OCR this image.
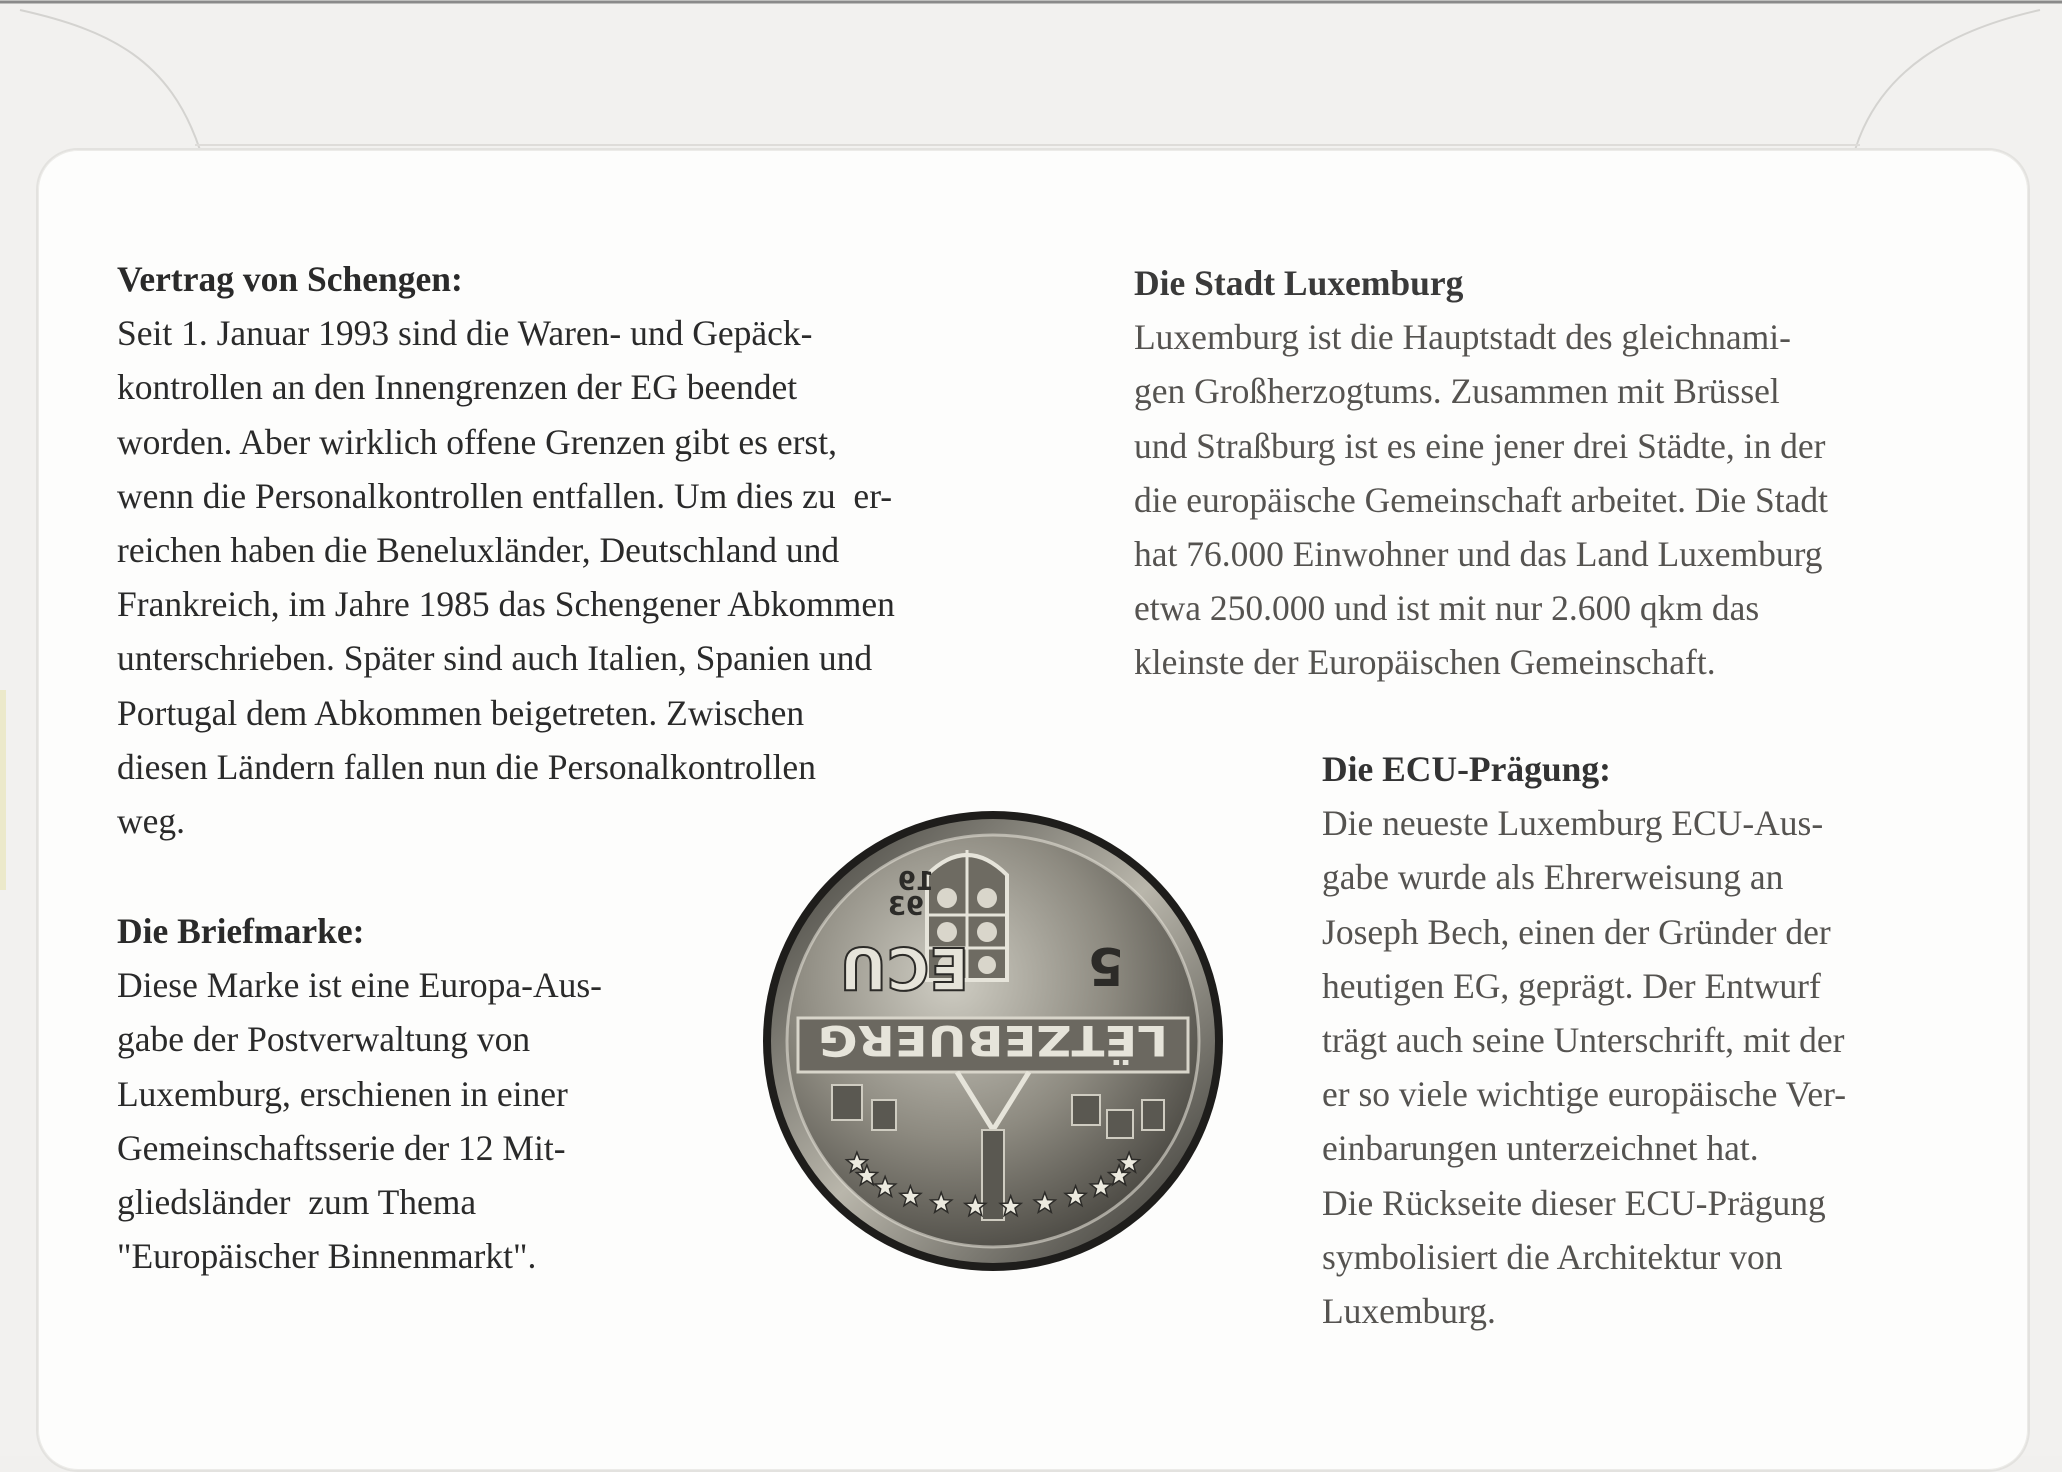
Vertrag von Schengen:
Seit 1. Januar 1993 sind die Waren- und Gepäck-
kontrollen an den Innengrenzen der EG beendet
worden. Aber wirklich offene Grenzen gibt es erst,
wenn die Personalkontrollen entfallen. Um dies zu  er-
reichen haben die Beneluxländer, Deutschland und
Frankreich, im Jahre 1985 das Schengener Abkommen
unterschrieben. Später sind auch Italien, Spanien und
Portugal dem Abkommen beigetreten. Zwischen
diesen Ländern fallen nun die Personalkontrollen
weg.
Die Briefmarke:
Diese Marke ist eine Europa-Aus-
gabe der Postverwaltung von
Luxemburg, erschienen in einer
Gemeinschaftsserie der 12 Mit-
gliedsländer  zum Thema
"Europäischer Binnenmarkt".
Die Stadt Luxemburg
Luxemburg ist die Hauptstadt des gleichnami-
gen Großherzogtums. Zusammen mit Brüssel
und Straßburg ist es eine jener drei Städte, in der
die europäische Gemeinschaft arbeitet. Die Stadt
hat 76.000 Einwohner und das Land Luxemburg
etwa 250.000 und ist mit nur 2.600 qkm das
kleinste der Europäischen Gemeinschaft.
Die ECU-Prägung:
Die neueste Luxemburg ECU-Aus-
gabe wurde als Ehrerweisung an
Joseph Bech, einen der Gründer der
heutigen EG, geprägt. Der Entwurf
trägt auch seine Unterschrift, mit der
er so viele wichtige europäische Ver-
einbarungen unterzeichnet hat.
Die Rückseite dieser ECU-Prägung
symbolisiert die Architektur von
Luxemburg.
19
93
ECU 5
LËTZEBUERG
